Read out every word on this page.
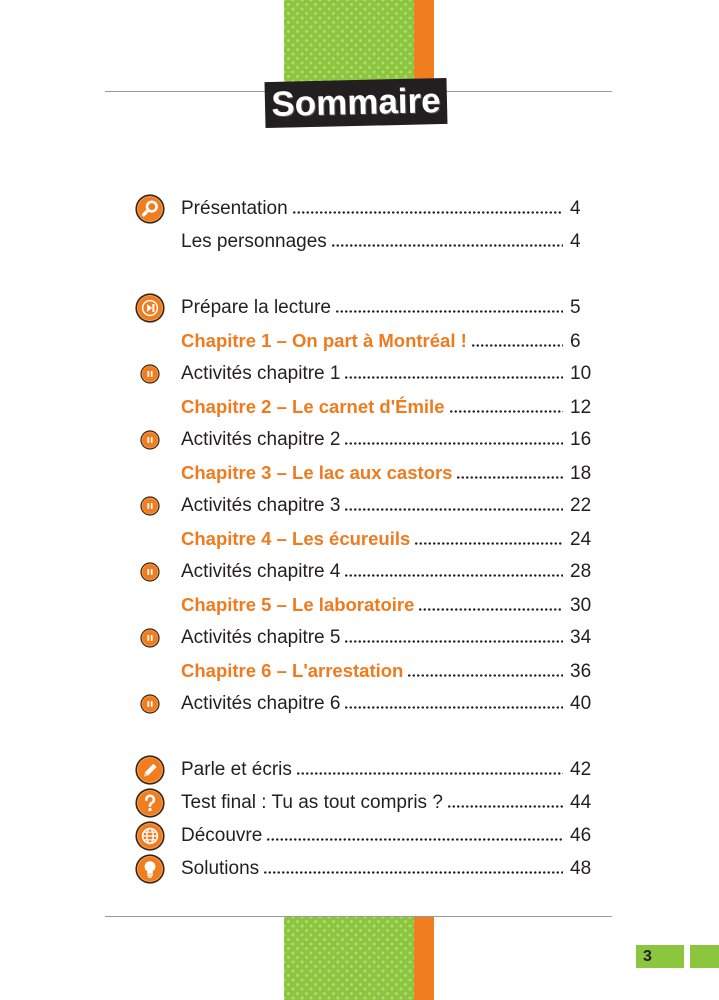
Sommaire
Présentation	4
Les personnages	4
Prépare la lecture	5
Chapitre 1 – On part à Montréal !	6
Activités chapitre 1	10
Chapitre 2 – Le carnet d'Émile	12
Activités chapitre 2	16
Chapitre 3 – Le lac aux castors	18
Activités chapitre 3	22
Chapitre 4 – Les écureuils	24
Activités chapitre 4	28
Chapitre 5 – Le laboratoire	30
Activités chapitre 5	34
Chapitre 6 – L'arrestation	36
Activités chapitre 6	40
Parle et écris	42
Test final : Tu as tout compris ?	44
Découvre	46
Solutions	48
3
